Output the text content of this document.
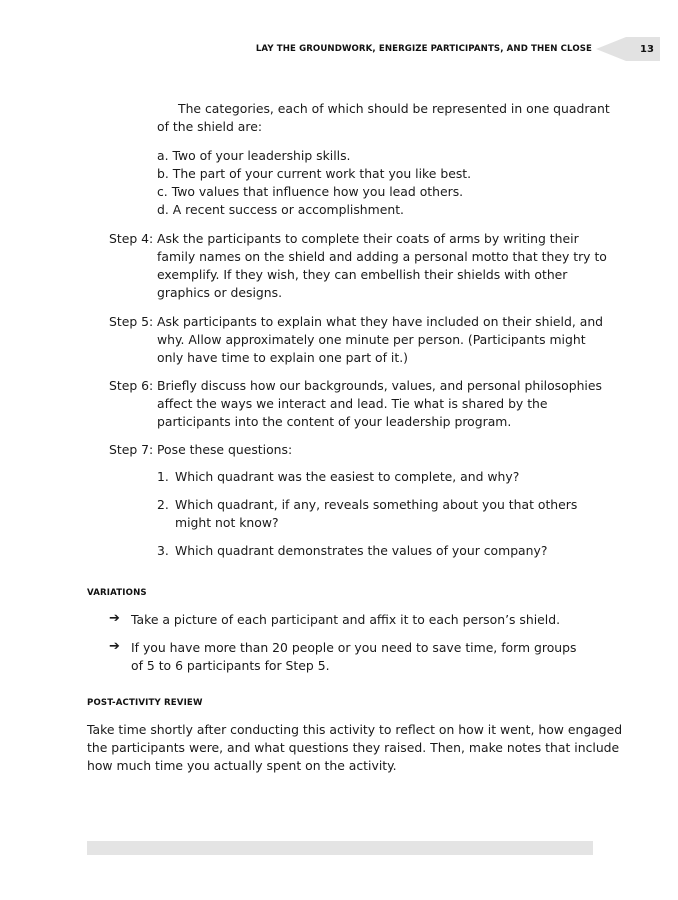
LAY THE GROUNDWORK, ENERGIZE PARTICIPANTS, AND THEN CLOSE	13
The categories, each of which should be represented in one quadrant
of the shield are:
a. Two of your leadership skills.
b. The part of your current work that you like best.
c. Two values that influence how you lead others.
d. A recent success or accomplishment.
Step 4: Ask the participants to complete their coats of arms by writing their
family names on the shield and adding a personal motto that they try to
exemplify. If they wish, they can embellish their shields with other
graphics or designs.
Step 5: Ask participants to explain what they have included on their shield, and
why. Allow approximately one minute per person. (Participants might
only have time to explain one part of it.)
Step 6: Briefly discuss how our backgrounds, values, and personal philosophies
affect the ways we interact and lead. Tie what is shared by the
participants into the content of your leadership program.
Step 7: Pose these questions:
1. Which quadrant was the easiest to complete, and why?
2. Which quadrant, if any, reveals something about you that others
might not know?
3. Which quadrant demonstrates the values of your company?
VARIATIONS
➔ Take a picture of each participant and affix it to each person’s shield.
➔ If you have more than 20 people or you need to save time, form groups
of 5 to 6 participants for Step 5.
POST-ACTIVITY REVIEW
Take time shortly after conducting this activity to reflect on how it went, how engaged
the participants were, and what questions they raised. Then, make notes that include
how much time you actually spent on the activity.
